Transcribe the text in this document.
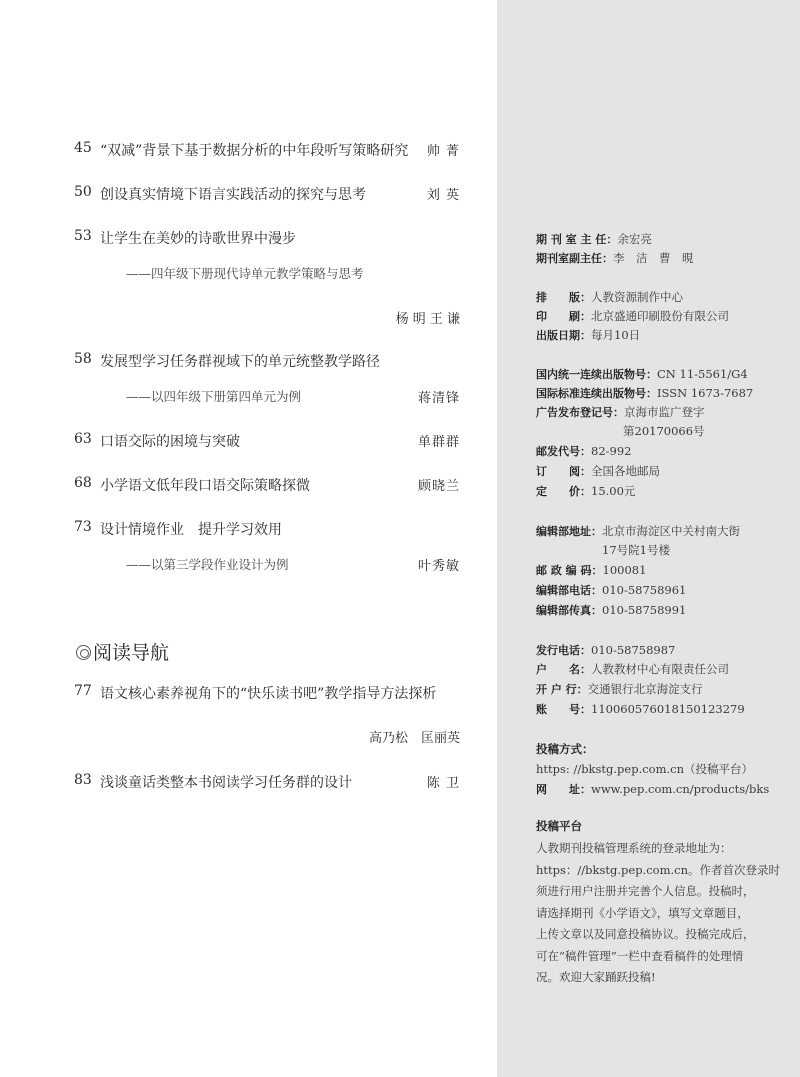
45 “双减”背景下基于数据分析的中年段听写策略研究	帅 菁
50 创设真实情境下语言实践活动的探究与思考	刘 英
53 让学生在美妙的诗歌世界中漫步
——四年级下册现代诗单元教学策略与思考
杨 明 王 谦
58 发展型学习任务群视域下的单元统整教学路径
——以四年级下册第四单元为例	蒋清锋
63 口语交际的困境与突破	单群群
68 小学语文低年段口语交际策略探微	顾晓兰
73 设计情境作业　提升学习效用
——以第三学段作业设计为例	叶秀敏
阅读导航
77 语文核心素养视角下的“快乐读书吧”教学指导方法探析
高乃松　匡丽英
83 浅谈童话类整本书阅读学习任务群的设计	陈 卫
期 刊 室 主 任：余宏亮
期刊室副主任：李　洁　曹　晛
排　　版：人教资源制作中心
印　　刷：北京盛通印刷股份有限公司
出版日期：每月10日
国内统一连续出版物号：CN 11-5561/G4
国际标准连续出版物号：ISSN 1673-7687
广告发布登记号：京海市监广登字
第20170066号
邮发代号：82-992
订　　阅：全国各地邮局
定　　价：15.00元
编辑部地址：北京市海淀区中关村南大街
17号院1号楼
邮 政 编 码：100081
编辑部电话：010-58758961
编辑部传真：010-58758991
发行电话：010-58758987
户　　名：人教教材中心有限责任公司
开 户 行：交通银行北京海淀支行
账　　号：110060576018150123279
投稿方式：
https: //bkstg.pep.com.cn（投稿平台）
网　　址：www.pep.com.cn/products/bks
投稿平台
人教期刊投稿管理系统的登录地址为：
https：//bkstg.pep.com.cn。作者首次登录时
须进行用户注册并完善个人信息。投稿时，
请选择期刊《小学语文》，填写文章题目，
上传文章以及同意投稿协议。投稿完成后，
可在“稿件管理”一栏中查看稿件的处理情
况。欢迎大家踊跃投稿!
